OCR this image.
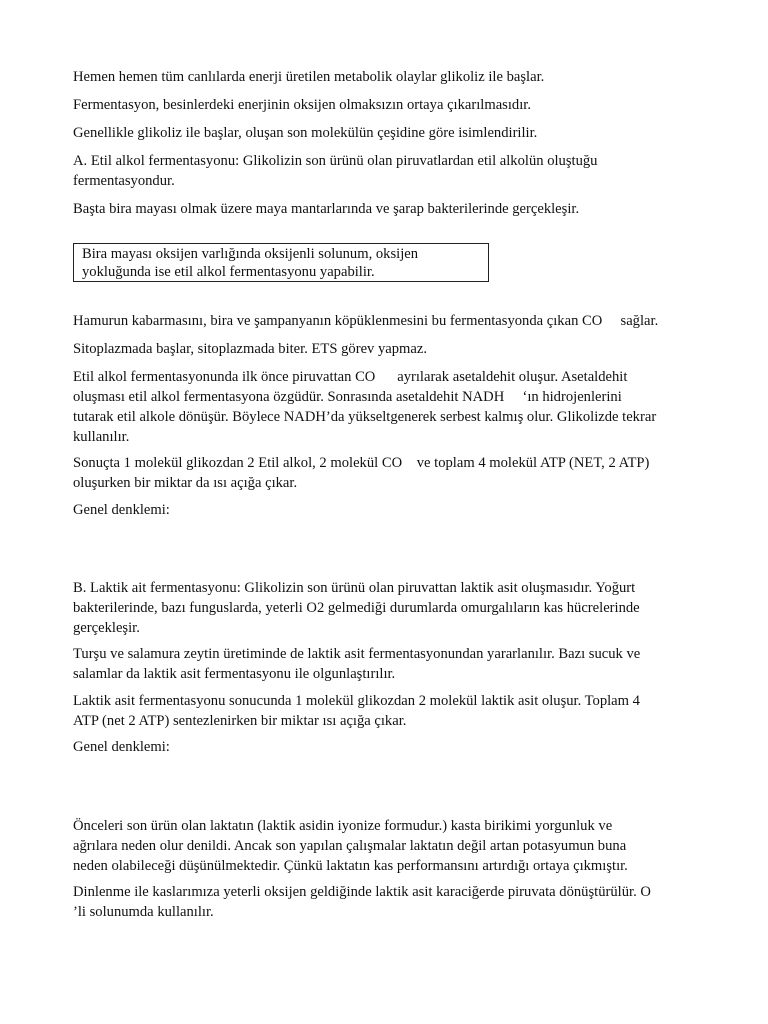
Hemen hemen tüm canlılarda enerji üretilen metabolik olaylar glikoliz ile başlar.

Fermentasyon, besinlerdeki enerjinin oksijen olmaksızın ortaya çıkarılmasıdır.

Genellikle glikoliz ile başlar, oluşan son molekülün çeşidine göre isimlendirilir.

A. Etil alkol fermentasyonu: Glikolizin son ürünü olan piruvatlardan etil alkolün oluştuğu
fermentasyondur.

Başta bira mayası olmak üzere maya mantarlarında ve şarap bakterilerinde gerçekleşir.

Bira mayası oksijen varlığında oksijenli solunum, oksijen
yokluğunda ise etil alkol fermentasyonu yapabilir.

Hamurun kabarmasını, bira ve şampanyanın köpüklenmesini bu fermentasyonda çıkan CO     sağlar.

Sitoplazmada başlar, sitoplazmada biter. ETS görev yapmaz.

Etil alkol fermentasyonunda ilk önce piruvattan CO      ayrılarak asetaldehit oluşur. Asetaldehit
oluşması etil alkol fermentasyona özgüdür. Sonrasında asetaldehit NADH     ‘ın hidrojenlerini
tutarak etil alkole dönüşür. Böylece NADH’da yükseltgenerek serbest kalmış olur. Glikolizde tekrar
kullanılır.

Sonuçta 1 molekül glikozdan 2 Etil alkol, 2 molekül CO    ve toplam 4 molekül ATP (NET, 2 ATP)
oluşurken bir miktar da ısı açığa çıkar.

Genel denklemi:

B. Laktik ait fermentasyonu: Glikolizin son ürünü olan piruvattan laktik asit oluşmasıdır. Yoğurt
bakterilerinde, bazı funguslarda, yeterli O2 gelmediği durumlarda omurgalıların kas hücrelerinde
gerçekleşir.

Turşu ve salamura zeytin üretiminde de laktik asit fermentasyonundan yararlanılır. Bazı sucuk ve
salamlar da laktik asit fermentasyonu ile olgunlaştırılır.

Laktik asit fermentasyonu sonucunda 1 molekül glikozdan 2 molekül laktik asit oluşur. Toplam 4
ATP (net 2 ATP) sentezlenirken bir miktar ısı açığa çıkar.

Genel denklemi:

Önceleri son ürün olan laktatın (laktik asidin iyonize formudur.) kasta birikimi yorgunluk ve
ağrılara neden olur denildi. Ancak son yapılan çalışmalar laktatın değil artan potasyumun buna
neden olabileceği düşünülmektedir. Çünkü laktatın kas performansını artırdığı ortaya çıkmıştır.

Dinlenme ile kaslarımıza yeterli oksijen geldiğinde laktik asit karaciğerde piruvata dönüştürülür. O
’li solunumda kullanılır.
